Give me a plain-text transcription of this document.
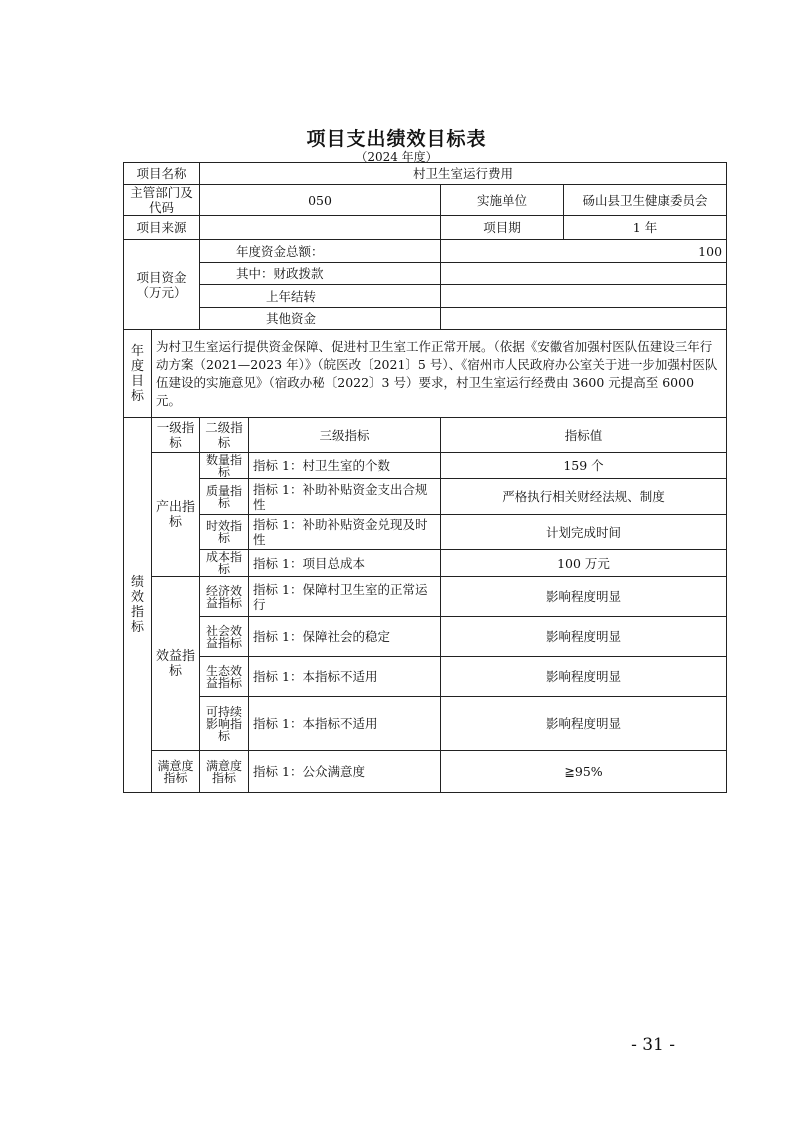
项目支出绩效目标表
（2024 年度）
项目名称		村卫生室运行费用			
主管部门及代码		050		实施单位	砀山县卫生健康委员会
项目来源				项目期	1 年
项目资金（万元）		年度资金总额：		100	
		其中：财政拨款			
		上年结转			
		其他资金			
年度目标	为村卫生室运行提供资金保障、促进村卫生室工作正常开展。（依据《安徽省加强村医队伍建设三年行动方案（2021—2023 年）》（皖医改〔2021〕5 号）、《宿州市人民政府办公室关于进一步加强村医队伍建设的实施意见》（宿政办秘〔2022〕3 号）要求，村卫生室运行经费由 3600 元提高至 6000 元。				
绩效指标	一级指标	二级指标	三级指标	指标值	
	产出指标	数量指标	指标 1：村卫生室的个数	159 个	
		质量指标	指标 1：补助补贴资金支出合规性	严格执行相关财经法规、制度	
		时效指标	指标 1：补助补贴资金兑现及时性	计划完成时间	
		成本指标	指标 1：项目总成本	100 万元	
	效益指标	经济效益指标	指标 1：保障村卫生室的正常运行	影响程度明显	
		社会效益指标	指标 1：保障社会的稳定	影响程度明显	
		生态效益指标	指标 1：本指标不适用	影响程度明显	
		可持续影响指标	指标 1：本指标不适用	影响程度明显	
	满意度指标	满意度指标	指标 1：公众满意度	≧95%	
- 31 -
